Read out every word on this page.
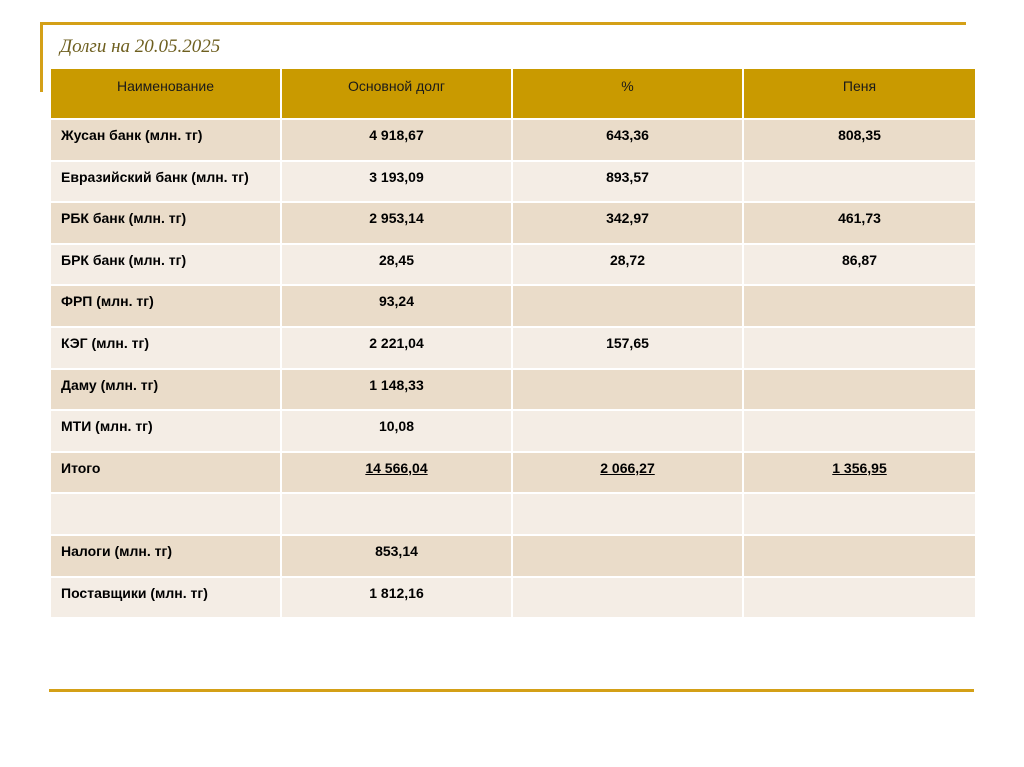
Долги на 20.05.2025
Наименование	Основной долг	%	Пеня
Жусан банк (млн. тг)	4 918,67	643,36	808,35
Евразийский банк (млн. тг)	3 193,09	893,57	
РБК банк (млн. тг)	2 953,14	342,97	461,73
БРК банк (млн. тг)	28,45	28,72	86,87
ФРП (млн. тг)	93,24		
КЭГ (млн. тг)	2 221,04	157,65	
Даму (млн. тг)	1 148,33		
МТИ (млн. тг)	10,08		
Итого	14 566,04	2 066,27	1 356,95

Налоги (млн. тг)	853,14		
Поставщики (млн. тг)	1 812,16		
